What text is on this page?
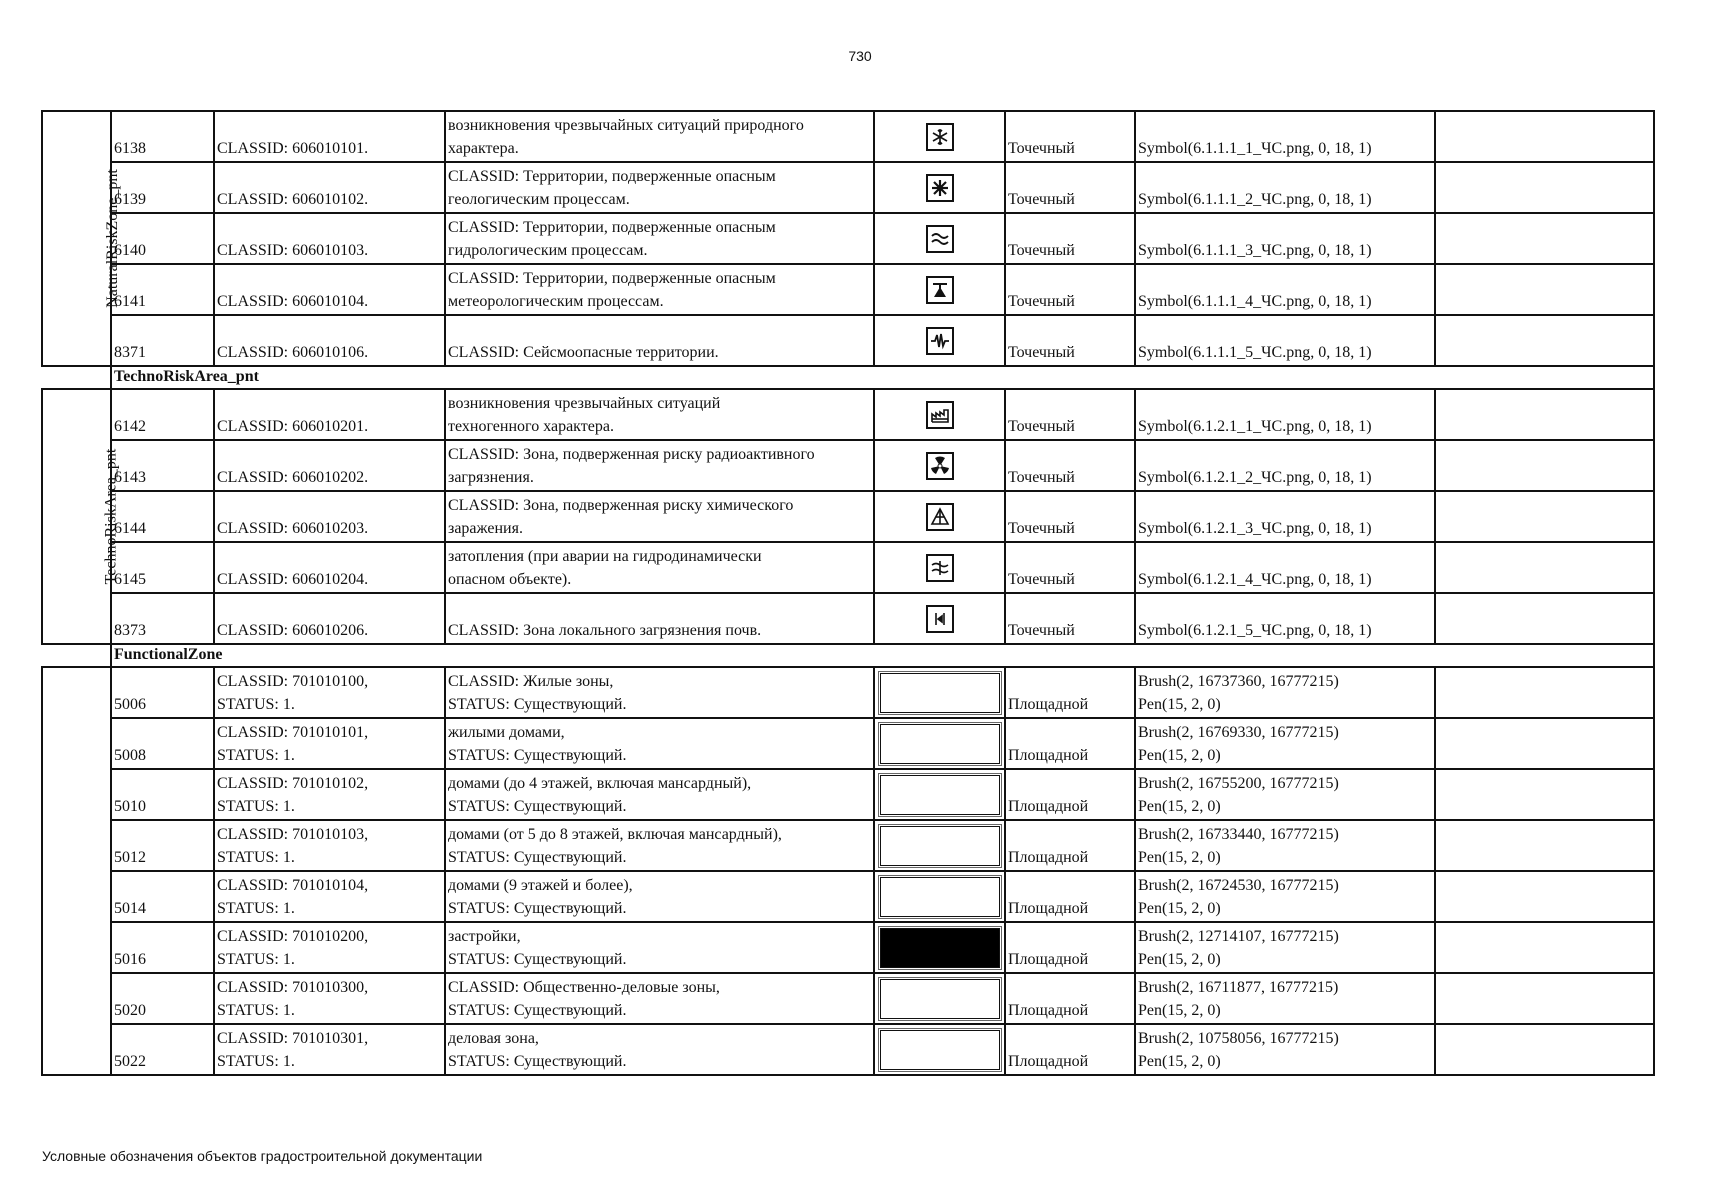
730
NaturalRiskZone_pnt	6138	CLASSID: 606010101.	возникновения чрезвычайных ситуаций природного
характера.		Точечный	Symbol(6.1.1.1_1_ЧС.png, 0, 18, 1)	
	6139	CLASSID: 606010102.	CLASSID: Территории, подверженные опасным
геологическим процессам.		Точечный	Symbol(6.1.1.1_2_ЧС.png, 0, 18, 1)	
	6140	CLASSID: 606010103.	CLASSID: Территории, подверженные опасным
гидрологическим процессам.		Точечный	Symbol(6.1.1.1_3_ЧС.png, 0, 18, 1)	
	6141	CLASSID: 606010104.	CLASSID: Территории, подверженные опасным
метеорологическим процессам.		Точечный	Symbol(6.1.1.1_4_ЧС.png, 0, 18, 1)	
	8371	CLASSID: 606010106.	CLASSID: Сейсмоопасные территории.		Точечный	Symbol(6.1.1.1_5_ЧС.png, 0, 18, 1)	
	TechnoRiskArea_pnt						
TechnoRiskArea_pnt	6142	CLASSID: 606010201.	возникновения чрезвычайных ситуаций
техногенного характера.		Точечный	Symbol(6.1.2.1_1_ЧС.png, 0, 18, 1)	
	6143	CLASSID: 606010202.	CLASSID: Зона, подверженная риску радиоактивного
загрязнения.		Точечный	Symbol(6.1.2.1_2_ЧС.png, 0, 18, 1)	
	6144	CLASSID: 606010203.	CLASSID: Зона, подверженная риску химического
заражения.		Точечный	Symbol(6.1.2.1_3_ЧС.png, 0, 18, 1)	
	6145	CLASSID: 606010204.	затопления (при аварии на гидродинамически
опасном объекте).		Точечный	Symbol(6.1.2.1_4_ЧС.png, 0, 18, 1)	
	8373	CLASSID: 606010206.	CLASSID: Зона локального загрязнения почв.		Точечный	Symbol(6.1.2.1_5_ЧС.png, 0, 18, 1)	
	FunctionalZone						
	5006	CLASSID: 701010100,
STATUS: 1.	CLASSID: Жилые зоны,
STATUS: Существующий.		Площадной	Brush(2, 16737360, 16777215)
Pen(15, 2, 0)	
	5008	CLASSID: 701010101,
STATUS: 1.	жилыми домами,
STATUS: Существующий.		Площадной	Brush(2, 16769330, 16777215)
Pen(15, 2, 0)	
	5010	CLASSID: 701010102,
STATUS: 1.	домами (до 4 этажей, включая мансардный),
STATUS: Существующий.		Площадной	Brush(2, 16755200, 16777215)
Pen(15, 2, 0)	
	5012	CLASSID: 701010103,
STATUS: 1.	домами (от 5 до 8 этажей, включая мансардный),
STATUS: Существующий.		Площадной	Brush(2, 16733440, 16777215)
Pen(15, 2, 0)	
	5014	CLASSID: 701010104,
STATUS: 1.	домами (9 этажей и более),
STATUS: Существующий.		Площадной	Brush(2, 16724530, 16777215)
Pen(15, 2, 0)	
	5016	CLASSID: 701010200,
STATUS: 1.	застройки,
STATUS: Существующий.		Площадной	Brush(2, 12714107, 16777215)
Pen(15, 2, 0)	
	5020	CLASSID: 701010300,
STATUS: 1.	CLASSID: Общественно-деловые зоны,
STATUS: Существующий.		Площадной	Brush(2, 16711877, 16777215)
Pen(15, 2, 0)	
	5022	CLASSID: 701010301,
STATUS: 1.	деловая зона,
STATUS: Существующий.		Площадной	Brush(2, 10758056, 16777215)
Pen(15, 2, 0)	
Условные обозначения объектов градостроительной документации
